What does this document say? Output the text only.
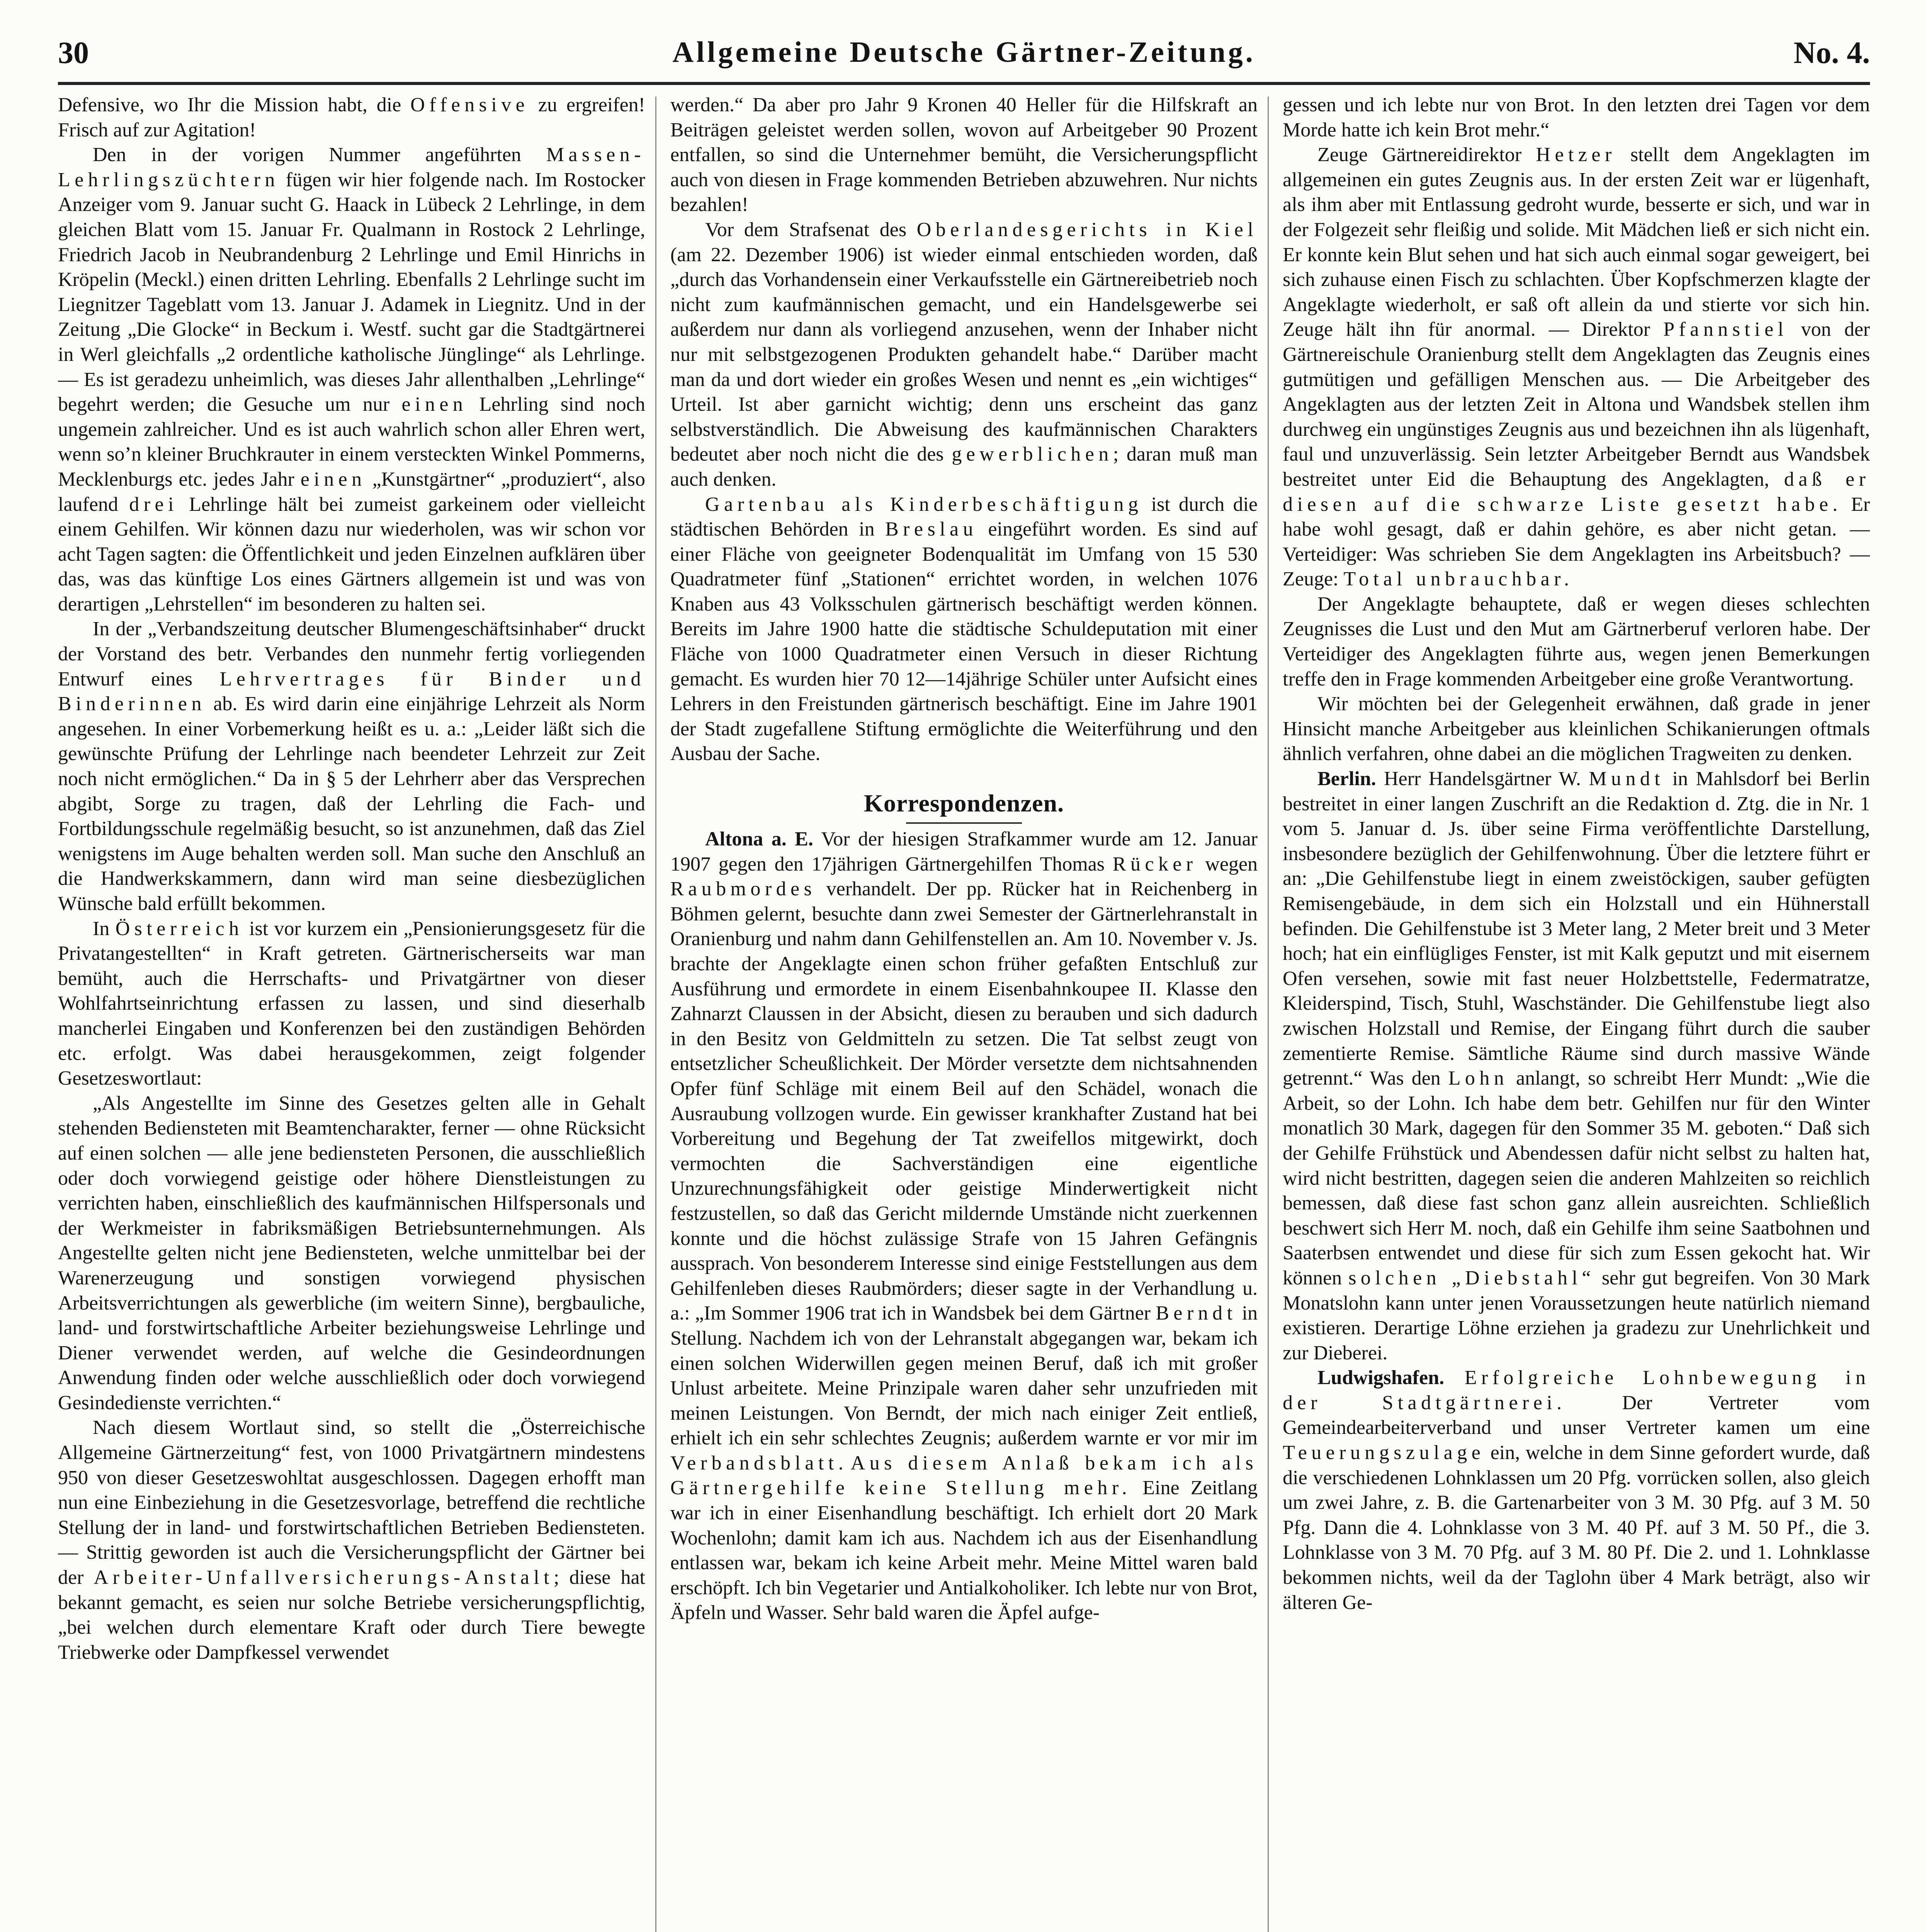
30	Allgemeine Deutsche Gärtner-Zeitung.	No. 4.

Defensive, wo Ihr die Mission habt, die Offensive zu ergreifen! Frisch auf zur Agitation!

Den in der vorigen Nummer angeführten Massen-Lehrlingszüchtern fügen wir hier folgende nach. Im Rostocker Anzeiger vom 9. Januar sucht G. Haack in Lübeck 2 Lehrlinge, in dem gleichen Blatt vom 15. Januar Fr. Qualmann in Rostock 2 Lehrlinge, Friedrich Jacob in Neubrandenburg 2 Lehrlinge und Emil Hinrichs in Kröpelin (Meckl.) einen dritten Lehrling. Ebenfalls 2 Lehrlinge sucht im Liegnitzer Tageblatt vom 13. Januar J. Adamek in Liegnitz. Und in der Zeitung „Die Glocke“ in Beckum i. Westf. sucht gar die Stadtgärtnerei in Werl gleichfalls „2 ordentliche katholische Jünglinge“ als Lehrlinge. — Es ist geradezu unheimlich, was dieses Jahr allenthalben „Lehrlinge“ begehrt werden; die Gesuche um nur einen Lehrling sind noch ungemein zahlreicher. Und es ist auch wahrlich schon aller Ehren wert, wenn so’n kleiner Bruchkrauter in einem versteckten Winkel Pommerns, Mecklenburgs etc. jedes Jahr einen „Kunstgärtner“ „produziert“, also laufend drei Lehrlinge hält bei zumeist garkeinem oder vielleicht einem Gehilfen. Wir können dazu nur wiederholen, was wir schon vor acht Tagen sagten: die Öffentlichkeit und jeden Einzelnen aufklären über das, was das künftige Los eines Gärtners allgemein ist und was von derartigen „Lehrstellen“ im besonderen zu halten sei.

In der „Verbandszeitung deutscher Blumengeschäftsinhaber“ druckt der Vorstand des betr. Verbandes den nunmehr fertig vorliegenden Entwurf eines Lehrvertrages für Binder und Binderinnen ab. Es wird darin eine einjährige Lehrzeit als Norm angesehen. In einer Vorbemerkung heißt es u. a.: „Leider läßt sich die gewünschte Prüfung der Lehrlinge nach beendeter Lehrzeit zur Zeit noch nicht ermöglichen.“ Da in § 5 der Lehrherr aber das Versprechen abgibt, Sorge zu tragen, daß der Lehrling die Fach- und Fortbildungsschule regelmäßig besucht, so ist anzunehmen, daß das Ziel wenigstens im Auge behalten werden soll. Man suche den Anschluß an die Handwerkskammern, dann wird man seine diesbezüglichen Wünsche bald erfüllt bekommen.

In Österreich ist vor kurzem ein „Pensionierungsgesetz für die Privatangestellten“ in Kraft getreten. Gärtnerischerseits war man bemüht, auch die Herrschafts- und Privatgärtner von dieser Wohlfahrtseinrichtung erfassen zu lassen, und sind dieserhalb mancherlei Eingaben und Konferenzen bei den zuständigen Behörden etc. erfolgt. Was dabei herausgekommen, zeigt folgender Gesetzeswortlaut:

„Als Angestellte im Sinne des Gesetzes gelten alle in Gehalt stehenden Bediensteten mit Beamtencharakter, ferner — ohne Rücksicht auf einen solchen — alle jene bediensteten Personen, die ausschließlich oder doch vorwiegend geistige oder höhere Dienstleistungen zu verrichten haben, einschließlich des kaufmännischen Hilfspersonals und der Werkmeister in fabriksmäßigen Betriebsunternehmungen. Als Angestellte gelten nicht jene Bediensteten, welche unmittelbar bei der Warenerzeugung und sonstigen vorwiegend physischen Arbeitsverrichtungen als gewerbliche (im weitern Sinne), bergbauliche, land- und forstwirtschaftliche Arbeiter beziehungsweise Lehrlinge und Diener verwendet werden, auf welche die Gesindeordnungen Anwendung finden oder welche ausschließlich oder doch vorwiegend Gesindedienste verrichten.“

Nach diesem Wortlaut sind, so stellt die „Österreichische Allgemeine Gärtnerzeitung“ fest, von 1000 Privatgärtnern mindestens 950 von dieser Gesetzeswohltat ausgeschlossen. Dagegen erhofft man nun eine Einbeziehung in die Gesetzesvorlage, betreffend die rechtliche Stellung der in land- und forstwirtschaftlichen Betrieben Bediensteten. — Strittig geworden ist auch die Versicherungspflicht der Gärtner bei der Arbeiter-Unfallversicherungs-Anstalt; diese hat bekannt gemacht, es seien nur solche Betriebe versicherungspflichtig, „bei welchen durch elementare Kraft oder durch Tiere bewegte Triebwerke oder Dampfkessel verwendet

werden.“ Da aber pro Jahr 9 Kronen 40 Heller für die Hilfskraft an Beiträgen geleistet werden sollen, wovon auf Arbeitgeber 90 Prozent entfallen, so sind die Unternehmer bemüht, die Versicherungspflicht auch von diesen in Frage kommenden Betrieben abzuwehren. Nur nichts bezahlen!

Vor dem Strafsenat des Oberlandesgerichts in Kiel (am 22. Dezember 1906) ist wieder einmal entschieden worden, daß „durch das Vorhandensein einer Verkaufsstelle ein Gärtnereibetrieb noch nicht zum kaufmännischen gemacht, und ein Handelsgewerbe sei außerdem nur dann als vorliegend anzusehen, wenn der Inhaber nicht nur mit selbstgezogenen Produkten gehandelt habe.“ Darüber macht man da und dort wieder ein großes Wesen und nennt es „ein wichtiges“ Urteil. Ist aber garnicht wichtig; denn uns erscheint das ganz selbstverständlich. Die Abweisung des kaufmännischen Charakters bedeutet aber noch nicht die des gewerblichen; daran muß man auch denken.

Gartenbau als Kinderbeschäftigung ist durch die städtischen Behörden in Breslau eingeführt worden. Es sind auf einer Fläche von geeigneter Bodenqualität im Umfang von 15 530 Quadratmeter fünf „Stationen“ errichtet worden, in welchen 1076 Knaben aus 43 Volksschulen gärtnerisch beschäftigt werden können. Bereits im Jahre 1900 hatte die städtische Schuldeputation mit einer Fläche von 1000 Quadratmeter einen Versuch in dieser Richtung gemacht. Es wurden hier 70 12—14jährige Schüler unter Aufsicht eines Lehrers in den Freistunden gärtnerisch beschäftigt. Eine im Jahre 1901 der Stadt zugefallene Stiftung ermöglichte die Weiterführung und den Ausbau der Sache.

Korrespondenzen.

Altona a. E. Vor der hiesigen Strafkammer wurde am 12. Januar 1907 gegen den 17jährigen Gärtnergehilfen Thomas Rücker wegen Raubmordes verhandelt. Der pp. Rücker hat in Reichenberg in Böhmen gelernt, besuchte dann zwei Semester der Gärtnerlehranstalt in Oranienburg und nahm dann Gehilfenstellen an. Am 10. November v. Js. brachte der Angeklagte einen schon früher gefaßten Entschluß zur Ausführung und ermordete in einem Eisenbahnkoupee II. Klasse den Zahnarzt Claussen in der Absicht, diesen zu berauben und sich dadurch in den Besitz von Geldmitteln zu setzen. Die Tat selbst zeugt von entsetzlicher Scheußlichkeit. Der Mörder versetzte dem nichtsahnenden Opfer fünf Schläge mit einem Beil auf den Schädel, wonach die Ausraubung vollzogen wurde. Ein gewisser krankhafter Zustand hat bei Vorbereitung und Begehung der Tat zweifellos mitgewirkt, doch vermochten die Sachverständigen eine eigentliche Unzurechnungsfähigkeit oder geistige Minderwertigkeit nicht festzustellen, so daß das Gericht mildernde Umstände nicht zuerkennen konnte und die höchst zulässige Strafe von 15 Jahren Gefängnis aussprach. Von besonderem Interesse sind einige Feststellungen aus dem Gehilfenleben dieses Raubmörders; dieser sagte in der Verhandlung u. a.: „Im Sommer 1906 trat ich in Wandsbek bei dem Gärtner Berndt in Stellung. Nachdem ich von der Lehranstalt abgegangen war, bekam ich einen solchen Widerwillen gegen meinen Beruf, daß ich mit großer Unlust arbeitete. Meine Prinzipale waren daher sehr unzufrieden mit meinen Leistungen. Von Berndt, der mich nach einiger Zeit entließ, erhielt ich ein sehr schlechtes Zeugnis; außerdem warnte er vor mir im Verbandsblatt. Aus diesem Anlaß bekam ich als Gärtnergehilfe keine Stellung mehr. Eine Zeitlang war ich in einer Eisenhandlung beschäftigt. Ich erhielt dort 20 Mark Wochenlohn; damit kam ich aus. Nachdem ich aus der Eisenhandlung entlassen war, bekam ich keine Arbeit mehr. Meine Mittel waren bald erschöpft. Ich bin Vegetarier und Antialkoholiker. Ich lebte nur von Brot, Äpfeln und Wasser. Sehr bald waren die Äpfel aufge-

gessen und ich lebte nur von Brot. In den letzten drei Tagen vor dem Morde hatte ich kein Brot mehr.“

Zeuge Gärtnereidirektor Hetzer stellt dem Angeklagten im allgemeinen ein gutes Zeugnis aus. In der ersten Zeit war er lügenhaft, als ihm aber mit Entlassung gedroht wurde, besserte er sich, und war in der Folgezeit sehr fleißig und solide. Mit Mädchen ließ er sich nicht ein. Er konnte kein Blut sehen und hat sich auch einmal sogar geweigert, bei sich zuhause einen Fisch zu schlachten. Über Kopfschmerzen klagte der Angeklagte wiederholt, er saß oft allein da und stierte vor sich hin. Zeuge hält ihn für anormal. — Direktor Pfannstiel von der Gärtnereischule Oranienburg stellt dem Angeklagten das Zeugnis eines gutmütigen und gefälligen Menschen aus. — Die Arbeitgeber des Angeklagten aus der letzten Zeit in Altona und Wandsbek stellen ihm durchweg ein ungünstiges Zeugnis aus und bezeichnen ihn als lügenhaft, faul und unzuverlässig. Sein letzter Arbeitgeber Berndt aus Wandsbek bestreitet unter Eid die Behauptung des Angeklagten, daß er diesen auf die schwarze Liste gesetzt habe. Er habe wohl gesagt, daß er dahin gehöre, es aber nicht getan. — Verteidiger: Was schrieben Sie dem Angeklagten ins Arbeitsbuch? — Zeuge: Total unbrauchbar.

Der Angeklagte behauptete, daß er wegen dieses schlechten Zeugnisses die Lust und den Mut am Gärtnerberuf verloren habe. Der Verteidiger des Angeklagten führte aus, wegen jenen Bemerkungen treffe den in Frage kommenden Arbeitgeber eine große Verantwortung.

Wir möchten bei der Gelegenheit erwähnen, daß grade in jener Hinsicht manche Arbeitgeber aus kleinlichen Schikanierungen oftmals ähnlich verfahren, ohne dabei an die möglichen Tragweiten zu denken.

Berlin. Herr Handelsgärtner W. Mundt in Mahlsdorf bei Berlin bestreitet in einer langen Zuschrift an die Redaktion d. Ztg. die in Nr. 1 vom 5. Januar d. Js. über seine Firma veröffentlichte Darstellung, insbesondere bezüglich der Gehilfenwohnung. Über die letztere führt er an: „Die Gehilfenstube liegt in einem zweistöckigen, sauber gefügten Remisengebäude, in dem sich ein Holzstall und ein Hühnerstall befinden. Die Gehilfenstube ist 3 Meter lang, 2 Meter breit und 3 Meter hoch; hat ein einflügliges Fenster, ist mit Kalk geputzt und mit eisernem Ofen versehen, sowie mit fast neuer Holzbettstelle, Federmatratze, Kleiderspind, Tisch, Stuhl, Waschständer. Die Gehilfenstube liegt also zwischen Holzstall und Remise, der Eingang führt durch die sauber zementierte Remise. Sämtliche Räume sind durch massive Wände getrennt.“ Was den Lohn anlangt, so schreibt Herr Mundt: „Wie die Arbeit, so der Lohn. Ich habe dem betr. Gehilfen nur für den Winter monatlich 30 Mark, dagegen für den Sommer 35 M. geboten.“ Daß sich der Gehilfe Frühstück und Abendessen dafür nicht selbst zu halten hat, wird nicht bestritten, dagegen seien die anderen Mahlzeiten so reichlich bemessen, daß diese fast schon ganz allein ausreichten. Schließlich beschwert sich Herr M. noch, daß ein Gehilfe ihm seine Saatbohnen und Saaterbsen entwendet und diese für sich zum Essen gekocht hat. Wir können solchen „Diebstahl“ sehr gut begreifen. Von 30 Mark Monatslohn kann unter jenen Voraussetzungen heute natürlich niemand existieren. Derartige Löhne erziehen ja gradezu zur Unehrlichkeit und zur Dieberei.

Ludwigshafen. Erfolgreiche Lohnbewegung in der Stadtgärtnerei. Der Vertreter vom Gemeindearbeiterverband und unser Vertreter kamen um eine Teuerungszulage ein, welche in dem Sinne gefordert wurde, daß die verschiedenen Lohnklassen um 20 Pfg. vorrücken sollen, also gleich um zwei Jahre, z. B. die Gartenarbeiter von 3 M. 30 Pfg. auf 3 M. 50 Pfg. Dann die 4. Lohnklasse von 3 M. 40 Pf. auf 3 M. 50 Pf., die 3. Lohnklasse von 3 M. 70 Pfg. auf 3 M. 80 Pf. Die 2. und 1. Lohnklasse bekommen nichts, weil da der Taglohn über 4 Mark beträgt, also wir älteren Ge-
